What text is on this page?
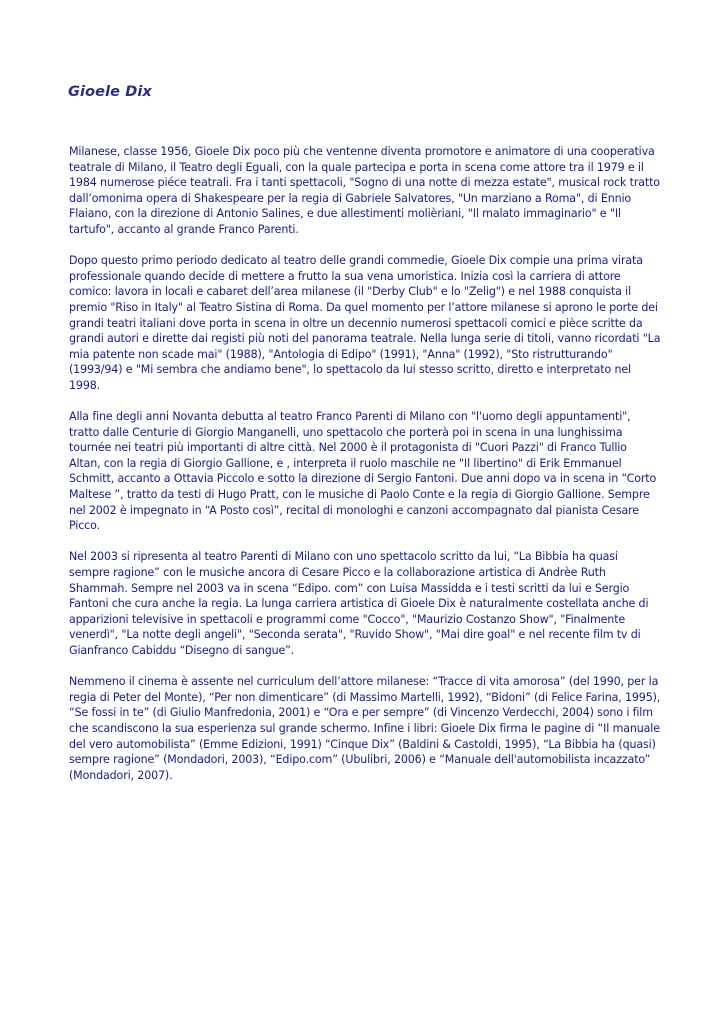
Gioele Dix

Milanese, classe 1956, Gioele Dix poco più che ventenne diventa promotore e animatore di una cooperativa teatrale di Milano, il Teatro degli Eguali, con la quale partecipa e porta in scena come attore tra il 1979 e il 1984 numerose piéce teatrali. Fra i tanti spettacoli, "Sogno di una notte di mezza estate", musical rock tratto dall’omonima opera di Shakespeare per la regia di Gabriele Salvatores, "Un marziano a Roma", di Ennio Flaiano, con la direzione di Antonio Salines, e due allestimenti molièriani, "Il malato immaginario" e "Il tartufo", accanto al grande Franco Parenti.

Dopo questo primo periodo dedicato al teatro delle grandi commedie, Gioele Dix compie una prima virata professionale quando decide di mettere a frutto la sua vena umoristica. Inizia così la carriera di attore comico: lavora in locali e cabaret dell’area milanese (il "Derby Club" e lo "Zelig") e nel 1988 conquista il premio "Riso in Italy" al Teatro Sistina di Roma. Da quel momento per l’attore milanese si aprono le porte dei grandi teatri italiani dove porta in scena in oltre un decennio numerosi spettacoli comici e pièce scritte da grandi autori e dirette dai registi più noti del panorama teatrale. Nella lunga serie di titoli, vanno ricordati "La mia patente non scade mai" (1988), "Antologia di Edipo" (1991), "Anna" (1992), "Sto ristrutturando" (1993/94) e "Mi sembra che andiamo bene", lo spettacolo da lui stesso scritto, diretto e interpretato nel 1998.

Alla fine degli anni Novanta debutta al teatro Franco Parenti di Milano con "l'uomo degli appuntamenti", tratto dalle Centurie di Giorgio Manganelli, uno spettacolo che porterà poi in scena in una lunghissima tournée nei teatri più importanti di altre città. Nel 2000 è il protagonista di "Cuori Pazzi" di Franco Tullio Altan, con la regia di Giorgio Gallione, e , interpreta il ruolo maschile ne "Il libertino" di Erik Emmanuel Schmitt, accanto a Ottavia Piccolo e sotto la direzione di Sergio Fantoni. Due anni dopo va in scena in “Corto Maltese ”, tratto da testi di Hugo Pratt, con le musiche di Paolo Conte e la regia di Giorgio Gallione. Sempre nel 2002 è impegnato in “A Posto così”, recital di monologhi e canzoni accompagnato dal pianista Cesare Picco.

Nel 2003 si ripresenta al teatro Parenti di Milano con uno spettacolo scritto da lui, “La Bibbia ha quasi sempre ragione” con le musiche ancora di Cesare Picco e la collaborazione artistica di Andrèe Ruth Shammah. Sempre nel 2003 va in scena “Edipo. com” con Luisa Massidda e i testi scritti da lui e Sergio Fantoni che cura anche la regia. La lunga carriera artistica di Gioele Dix è naturalmente costellata anche di apparizioni televisive in spettacoli e programmi come "Cocco", "Maurizio Costanzo Show", "Finalmente venerdì", "La notte degli angeli", "Seconda serata", "Ruvido Show", "Mai dire goal" e nel recente film tv di Gianfranco Cabiddu “Disegno di sangue”.

Nemmeno il cinema è assente nel curriculum dell’attore milanese: “Tracce di vita amorosa” (del 1990, per la regia di Peter del Monte), “Per non dimenticare” (di Massimo Martelli, 1992), “Bidoni” (di Felice Farina, 1995), “Se fossi in te” (di Giulio Manfredonia, 2001) e “Ora e per sempre” (di Vincenzo Verdecchi, 2004) sono i film che scandiscono la sua esperienza sul grande schermo. Infine i libri: Gioele Dix firma le pagine di “Il manuale del vero automobilista” (Emme Edizioni, 1991) “Cinque Dix” (Baldini & Castoldi, 1995), “La Bibbia ha (quasi) sempre ragione” (Mondadori, 2003), “Edipo.com” (Ubulibri, 2006) e “Manuale dell'automobilista incazzato” (Mondadori, 2007).
